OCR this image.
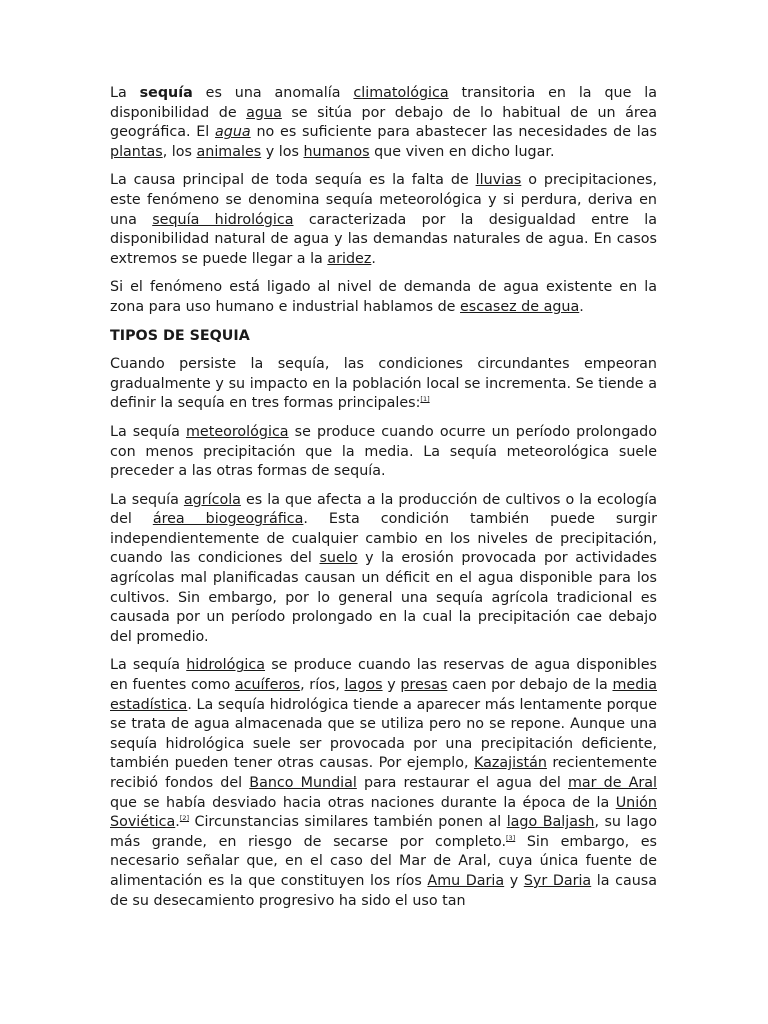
La sequía es una anomalía climatológica transitoria en la que la disponibilidad de agua se sitúa por debajo de lo habitual de un área geográfica. El agua no es suficiente para abastecer las necesidades de las plantas, los animales y los humanos que viven en dicho lugar.

La causa principal de toda sequía es la falta de lluvias o precipitaciones, este fenómeno se denomina sequía meteorológica y si perdura, deriva en una sequía hidrológica caracterizada por la desigualdad entre la disponibilidad natural de agua y las demandas naturales de agua. En casos extremos se puede llegar a la aridez.

Si el fenómeno está ligado al nivel de demanda de agua existente en la zona para uso humano e industrial hablamos de escasez de agua.

TIPOS DE SEQUIA

Cuando persiste la sequía, las condiciones circundantes empeoran gradualmente y su impacto en la población local se incrementa. Se tiende a definir la sequía en tres formas principales:[1]

La sequía meteorológica se produce cuando ocurre un período prolongado con menos precipitación que la media. La sequía meteorológica suele preceder a las otras formas de sequía.

La sequía agrícola es la que afecta a la producción de cultivos o la ecología del área biogeográfica. Esta condición también puede surgir independientemente de cualquier cambio en los niveles de precipitación, cuando las condiciones del suelo y la erosión provocada por actividades agrícolas mal planificadas causan un déficit en el agua disponible para los cultivos. Sin embargo, por lo general una sequía agrícola tradicional es causada por un período prolongado en la cual la precipitación cae debajo del promedio.

La sequía hidrológica se produce cuando las reservas de agua disponibles en fuentes como acuíferos, ríos, lagos y presas caen por debajo de la media estadística. La sequía hidrológica tiende a aparecer más lentamente porque se trata de agua almacenada que se utiliza pero no se repone. Aunque una sequía hidrológica suele ser provocada por una precipitación deficiente, también pueden tener otras causas. Por ejemplo, Kazajistán recientemente recibió fondos del Banco Mundial para restaurar el agua del mar de Aral que se había desviado hacia otras naciones durante la época de la Unión Soviética.[2] Circunstancias similares también ponen al lago Baljash, su lago más grande, en riesgo de secarse por completo.[3] Sin embargo, es necesario señalar que, en el caso del Mar de Aral, cuya única fuente de alimentación es la que constituyen los ríos Amu Daria y Syr Daria la causa de su desecamiento progresivo ha sido el uso tan
